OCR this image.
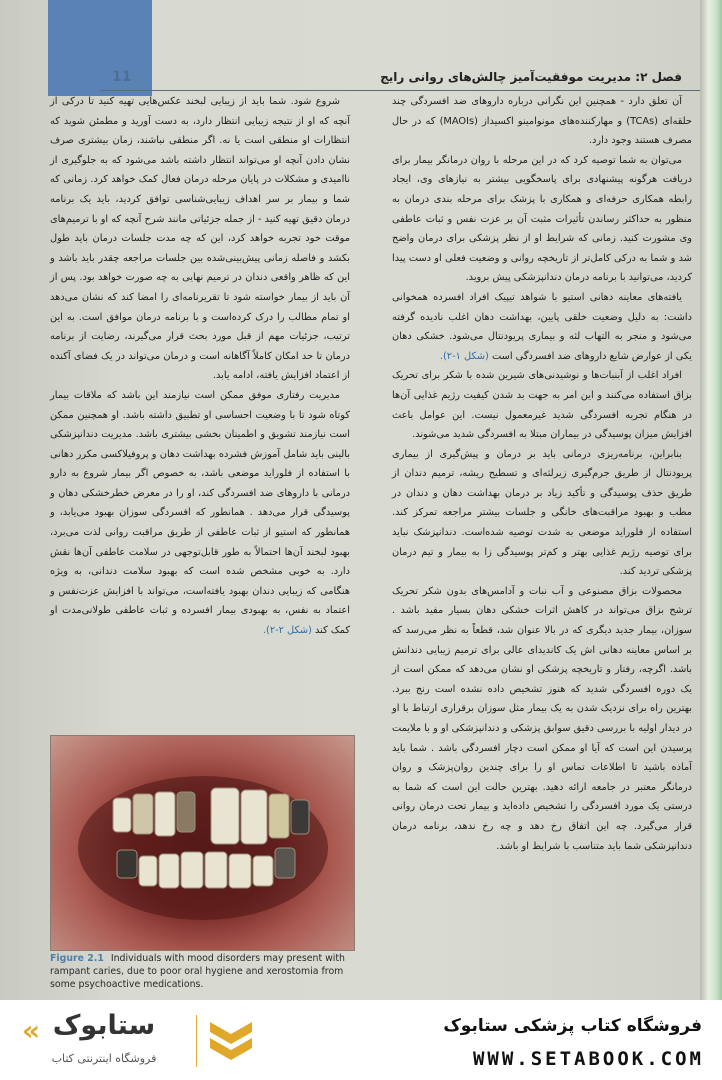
11	فصل ۲: مدیریت موفقیت‌آمیز چالش‌های روانی رایج

آن تعلق دارد - همچنین این نگرانی درباره داروهای ضد افسردگی چند حلقه‌ای (TCAs) و مهارکننده‌های مونوامینو اکسیداز (MAOIs) که در حال مصرف هستند وجود دارد.

می‌توان به شما توصیه کرد که در این مرحله با روان درمانگر بیمار برای دریافت هرگونه پیشنهادی برای پاسخگویی بیشتر به نیازهای وی، ایجاد رابطه همکاری حرفه‌ای و همکاری با پزشک برای مرحله بندی درمان به منظور به حداکثر رساندن تأثیرات مثبت آن بر عزت نفس و ثبات عاطفی وی مشورت کنید. زمانی که شرایط او از نظر پزشکی برای درمان واضح شد و شما به درکی کامل‌تر از تاریخچه روانی و وضعیت فعلی او دست پیدا کردید، می‌توانید با برنامه درمان دندانپزشکی پیش بروید.

یافته‌های معاینه دهانی استیو با شواهد تیپیک افراد افسرده همخوانی داشت: به دلیل وضعیت خلقی پایین، بهداشت دهان اغلب نادیده گرفته می‌شود و منجر به التهاب لثه و بیماری پریودنتال می‌شود. خشکی دهان یکی از عوارض شایع داروهای ضد افسردگی است (شکل ۱-۲).

افراد اغلب از آبنبات‌ها و نوشیدنی‌های شیرین شده با شکر برای تحریک بزاق استفاده می‌کنند و این امر به جهت بد شدن کیفیت رژیم غذایی آن‌ها در هنگام تجربه افسردگی شدید غیرمعمول نیست. این عوامل باعث افزایش میزان پوسیدگی در بیماران مبتلا به افسردگی شدید می‌شوند.

بنابراین، برنامه‌ریزی درمانی باید بر درمان و پیش‌گیری از بیماری پریودنتال از طریق جرم‌گیری زیرلثه‌ای و تسطیح ریشه، ترمیم دندان از طریق حذف پوسیدگی و تأکید زیاد بر درمان بهداشت دهان و دندان در مطب و بهبود مراقبت‌های خانگی و جلسات بیشتر مراجعه تمرکز کند. استفاده از فلوراید موضعی به شدت توصیه شده‌است. دندانپزشک نباید برای توصیه رژیم غذایی بهتر و کم‌تر پوسیدگی زا به بیمار و تیم درمان پزشکی تردید کند.

محصولات بزاق مصنوعی و آب نبات و آدامس‌های بدون شکر تحریک ترشح بزاق می‌تواند در کاهش اثرات خشکی دهان بسیار مفید باشد . سوزان، بیمار جدید دیگری که در بالا عنوان شد، قطعاً به نظر می‌رسد که بر اساس معاینه دهانی اش یک کاندیدای عالی برای ترمیم زیبایی دندانش باشد. اگرچه، رفتار و تاریخچه پزشکی او نشان می‌دهد که ممکن است از یک دوره افسردگی شدید که هنوز تشخیص داده نشده است رنج ببرد. بهترین راه برای نزدیک شدن به یک بیمار مثل سوزان برقراری ارتباط با او در دیدار اولیه با بررسی دقیق سوابق پزشکی و دندانپزشکی او و با ملایمت پرسیدن این است که آیا او ممکن است دچار افسردگی باشد . شما باید آماده باشید تا اطلاعات تماس او را برای چندین روان‌پزشک و روان درمانگر معتبر در جامعه ارائه دهید. بهترین حالت این است که شما به درستی یک مورد افسردگی را تشخیص داده‌اید و بیمار تحت درمان روانی قرار می‌گیرد. چه این اتفاق رخ دهد و چه رخ ندهد، برنامه درمان دندانپزشکی شما باید متناسب با شرایط او باشد.

شروع شود. شما باید از زیبایی لبخند عکس‌هایی تهیه کنید تا درکی از آنچه که او از نتیجه زیبایی انتظار دارد، به دست آورید و مطمئن شوید که انتظارات او منطقی است یا نه. اگر منطقی نباشند، زمان بیشتری صرف نشان دادن آنچه او می‌تواند انتظار داشته باشد می‌شود که به جلوگیری از ناامیدی و مشکلات در پایان مرحله درمان فعال کمک خواهد کرد. زمانی که شما و بیمار بر سر اهداف زیبایی‌شناسی توافق کردید، باید یک برنامه درمان دقیق تهیه کنید - از جمله جزئیاتی مانند شرح آنچه که او با ترمیم‌های موقت خود تجربه خواهد کرد، این که چه مدت جلسات درمان باید طول بکشد و فاصله زمانی پیش‌بینی‌شده بین جلسات مراجعه چقدر باید باشد و این که ظاهر واقعی دندان در ترمیم نهایی به چه صورت خواهد بود. پس از آن باید از بیمار خواسته شود تا تقریرنامه‌ای را امضا کند که نشان می‌دهد او تمام مطالب را درک کرده‌است و با برنامه درمان موافق است. به این ترتیب، جزئیات مهم از قبل مورد بحث قرار می‌گیرند، رضایت از برنامه درمان تا حد امکان کاملاً آگاهانه است و درمان می‌تواند در یک فضای آکنده از اعتماد افزایش یافته، ادامه یابد.

مدیریت رفتاری موفق ممکن است نیازمند این باشد که ملاقات بیمار کوتاه شود تا با وضعیت احساسی او تطبیق داشته باشد. او همچنین ممکن است نیازمند تشویق و اطمینان بخشی بیشتری باشد. مدیریت دندانپزشکی بالینی باید شامل آموزش فشرده بهداشت دهان و پروفیلاکسی مکرر دهانی با استفاده از فلوراید موضعی باشد، به خصوص اگر بیمار شروع به دارو درمانی با داروهای ضد افسردگی کند، او را در معرض خطرخشکی دهان و پوسیدگی قرار می‌دهد . همانطور که افسردگی سوزان بهبود می‌یابد، و همانطور که استیو از ثبات عاطفی از طریق مراقبت روانی لذت می‌برد، بهبود لبخند آن‌ها احتمالاً به طور قابل‌توجهی در سلامت عاطفی آن‌ها نقش دارد. به خوبی مشخص شده است که بهبود سلامت دندانی، به ویژه هنگامی که زیبایی دندان بهبود یافته‌است، می‌تواند با افزایش عزت‌نفس و اعتماد به نفس، به بهبودی بیمار افسرده و ثبات عاطفی طولانی‌مدت او کمک کند (شکل ۲-۲).

Figure 2.1 Individuals with mood disorders may present with rampant caries, due to poor oral hygiene and xerostomia from some psychoactive medications.
ستابوک
فروشگاه اینترنتی کتاب
«	فروشگاه کتاب پزشکی ستابوک
WWW.SETABOOK.COM
